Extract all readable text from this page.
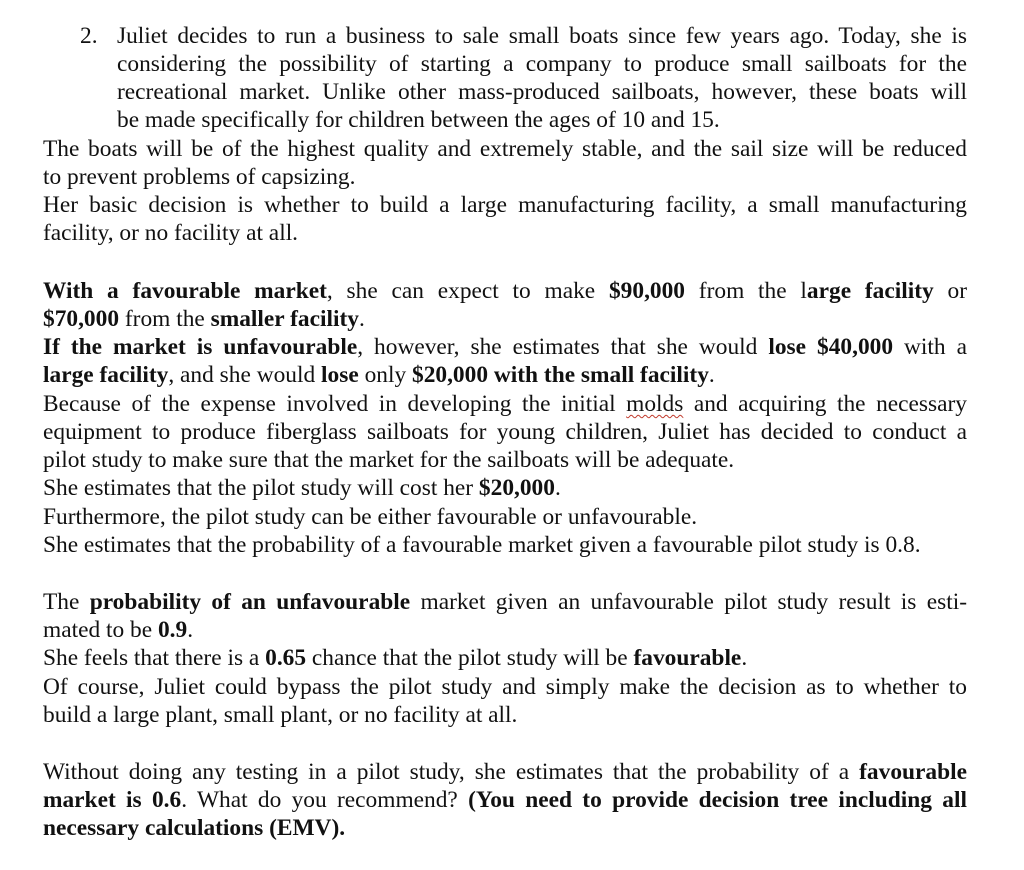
2. Juliet decides to run a business to sale small boats since few years ago. Today, she is
considering the possibility of starting a company to produce small sailboats for the
recreational market. Unlike other mass-produced sailboats, however, these boats will
be made specifically for children between the ages of 10 and 15.
The boats will be of the highest quality and extremely stable, and the sail size will be reduced
to prevent problems of capsizing.
Her basic decision is whether to build a large manufacturing facility, a small manufacturing
facility, or no facility at all.
With a favourable market, she can expect to make $90,000 from the large facility or
$70,000 from the smaller facility.
If the market is unfavourable, however, she estimates that she would lose $40,000 with a
large facility, and she would lose only $20,000 with the small facility.
Because of the expense involved in developing the initial molds and acquiring the necessary
equipment to produce fiberglass sailboats for young children, Juliet has decided to conduct a
pilot study to make sure that the market for the sailboats will be adequate.
She estimates that the pilot study will cost her $20,000.
Furthermore, the pilot study can be either favourable or unfavourable.
She estimates that the probability of a favourable market given a favourable pilot study is 0.8.
The probability of an unfavourable market given an unfavourable pilot study result is esti-
mated to be 0.9.
She feels that there is a 0.65 chance that the pilot study will be favourable.
Of course, Juliet could bypass the pilot study and simply make the decision as to whether to
build a large plant, small plant, or no facility at all.
Without doing any testing in a pilot study, she estimates that the probability of a favourable
market is 0.6. What do you recommend? (You need to provide decision tree including all
necessary calculations (EMV).
